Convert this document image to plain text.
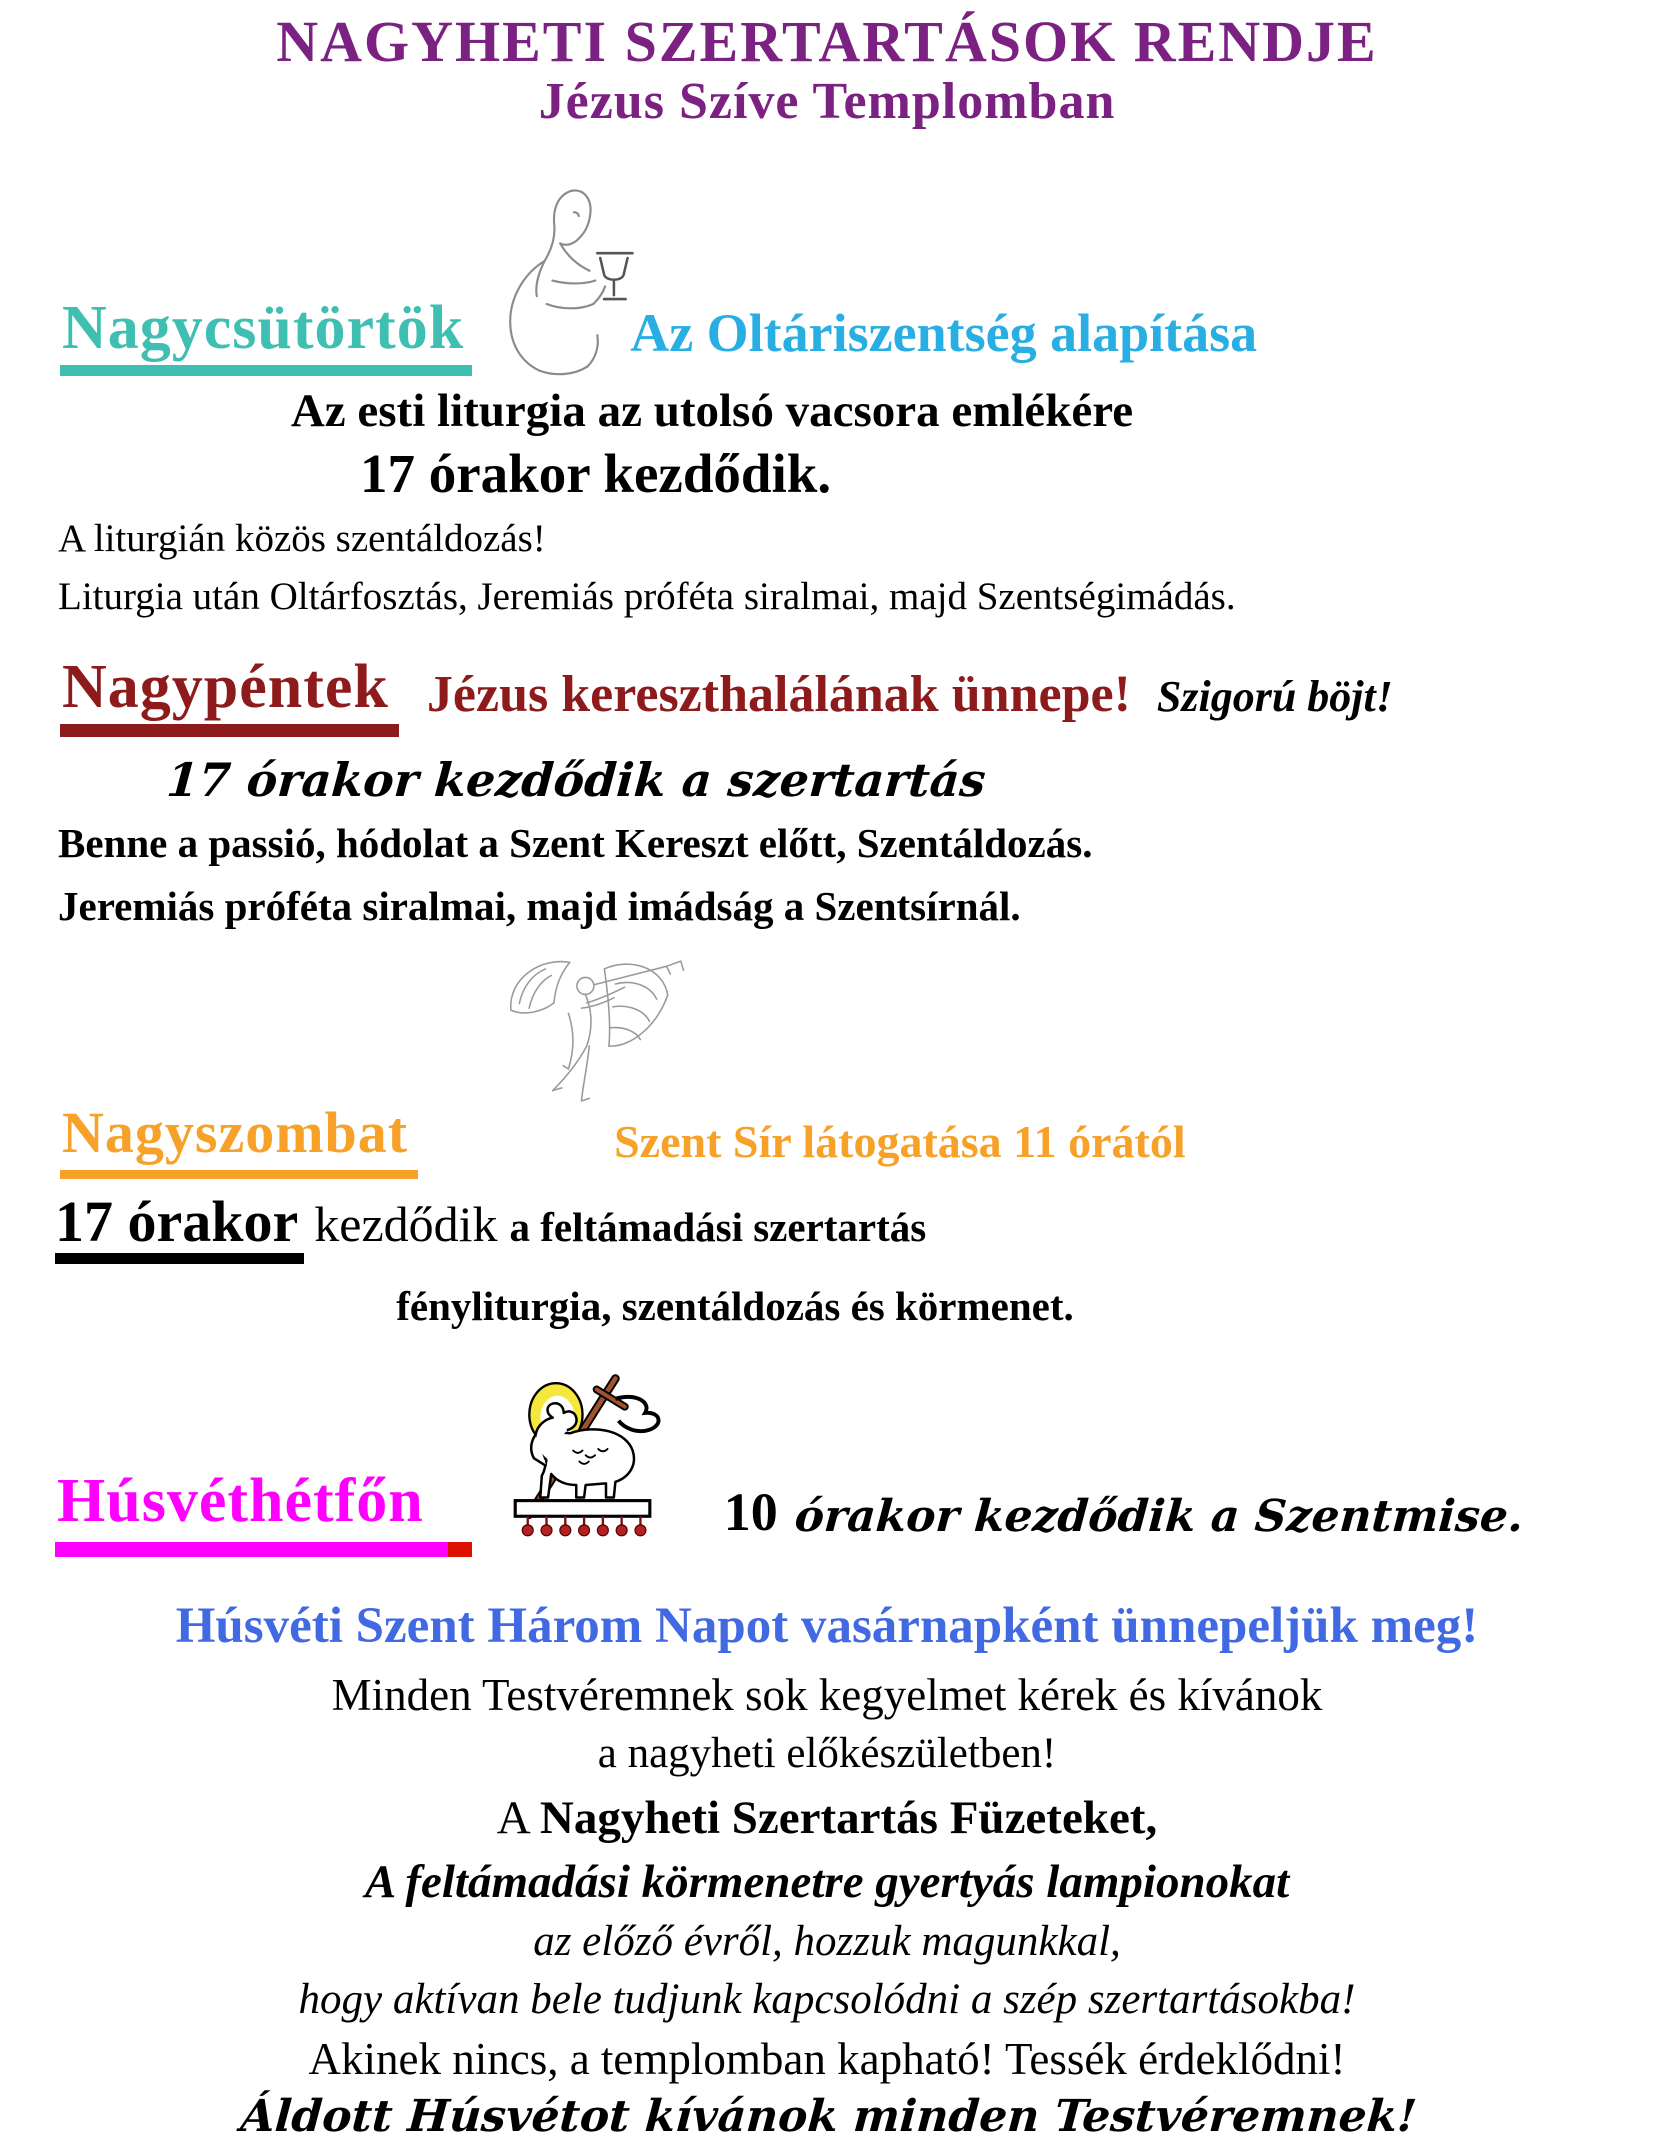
NAGYHETI SZERTARTÁSOK RENDJE
Jézus Szíve Templomban
Nagycsütörtök	Az Oltáriszentség alapítása
Az esti liturgia az utolsó vacsora emlékére
17 órakor kezdődik.
A liturgián közös szentáldozás!
Liturgia után Oltárfosztás, Jeremiás próféta siralmai, majd Szentségimádás.
Nagypéntek Jézus kereszthalálának ünnepe! Szigorú böjt!
17 órakor kezdődik a szertartás
Benne a passió, hódolat a Szent Kereszt előtt, Szentáldozás.
Jeremiás próféta siralmai, majd imádság a Szentsírnál.
Nagyszombat	Szent Sír látogatása 11 órától
17 órakor kezdődik a feltámadási szertartás
fényliturgia, szentáldozás és körmenet.
Húsvéthétfőn	10 órakor kezdődik a Szentmise.
Húsvéti Szent Három Napot vasárnapként ünnepeljük meg!
Minden Testvéremnek sok kegyelmet kérek és kívánok
a nagyheti előkészületben!
A Nagyheti Szertartás Füzeteket,
A feltámadási körmenetre gyertyás lampionokat
az előző évről, hozzuk magunkkal,
hogy aktívan bele tudjunk kapcsolódni a szép szertartásokba!
Akinek nincs, a templomban kapható! Tessék érdeklődni!
Áldott Húsvétot kívánok minden Testvéremnek!
